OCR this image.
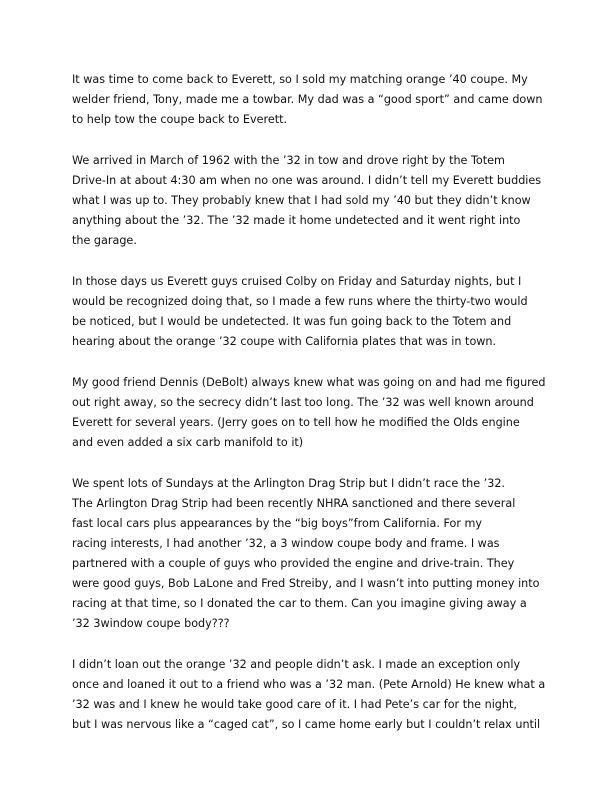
It was time to come back to Everett, so I sold my matching orange ’40 coupe. My
welder friend, Tony, made me a towbar. My dad was a “good sport” and came down
to help tow the coupe back to Everett.

We arrived in March of 1962 with the ’32 in tow and drove right by the Totem
Drive-In at about 4:30 am when no one was around. I didn’t tell my Everett buddies
what I was up to. They probably knew that I had sold my ’40 but they didn’t know
anything about the ’32. The ’32 made it home undetected and it went right into
the garage.

In those days us Everett guys cruised Colby on Friday and Saturday nights, but I
would be recognized doing that, so I made a few runs where the thirty-two would
be noticed, but I would be undetected. It was fun going back to the Totem and
hearing about the orange ’32 coupe with California plates that was in town.

My good friend Dennis (DeBolt) always knew what was going on and had me figured
out right away, so the secrecy didn’t last too long. The ’32 was well known around
Everett for several years. (Jerry goes on to tell how he modified the Olds engine
and even added a six carb manifold to it)

We spent lots of Sundays at the Arlington Drag Strip but I didn’t race the ’32.
The Arlington Drag Strip had been recently NHRA sanctioned and there several
fast local cars plus appearances by the “big boys”from California. For my
racing interests, I had another ’32, a 3 window coupe body and frame. I was
partnered with a couple of guys who provided the engine and drive-train. They
were good guys, Bob LaLone and Fred Streiby, and I wasn’t into putting money into
racing at that time, so I donated the car to them. Can you imagine giving away a
’32 3window coupe body???

I didn’t loan out the orange ’32 and people didn’t ask. I made an exception only
once and loaned it out to a friend who was a ’32 man. (Pete Arnold) He knew what a
’32 was and I knew he would take good care of it. I had Pete’s car for the night,
but I was nervous like a “caged cat”, so I came home early but I couldn’t relax until
